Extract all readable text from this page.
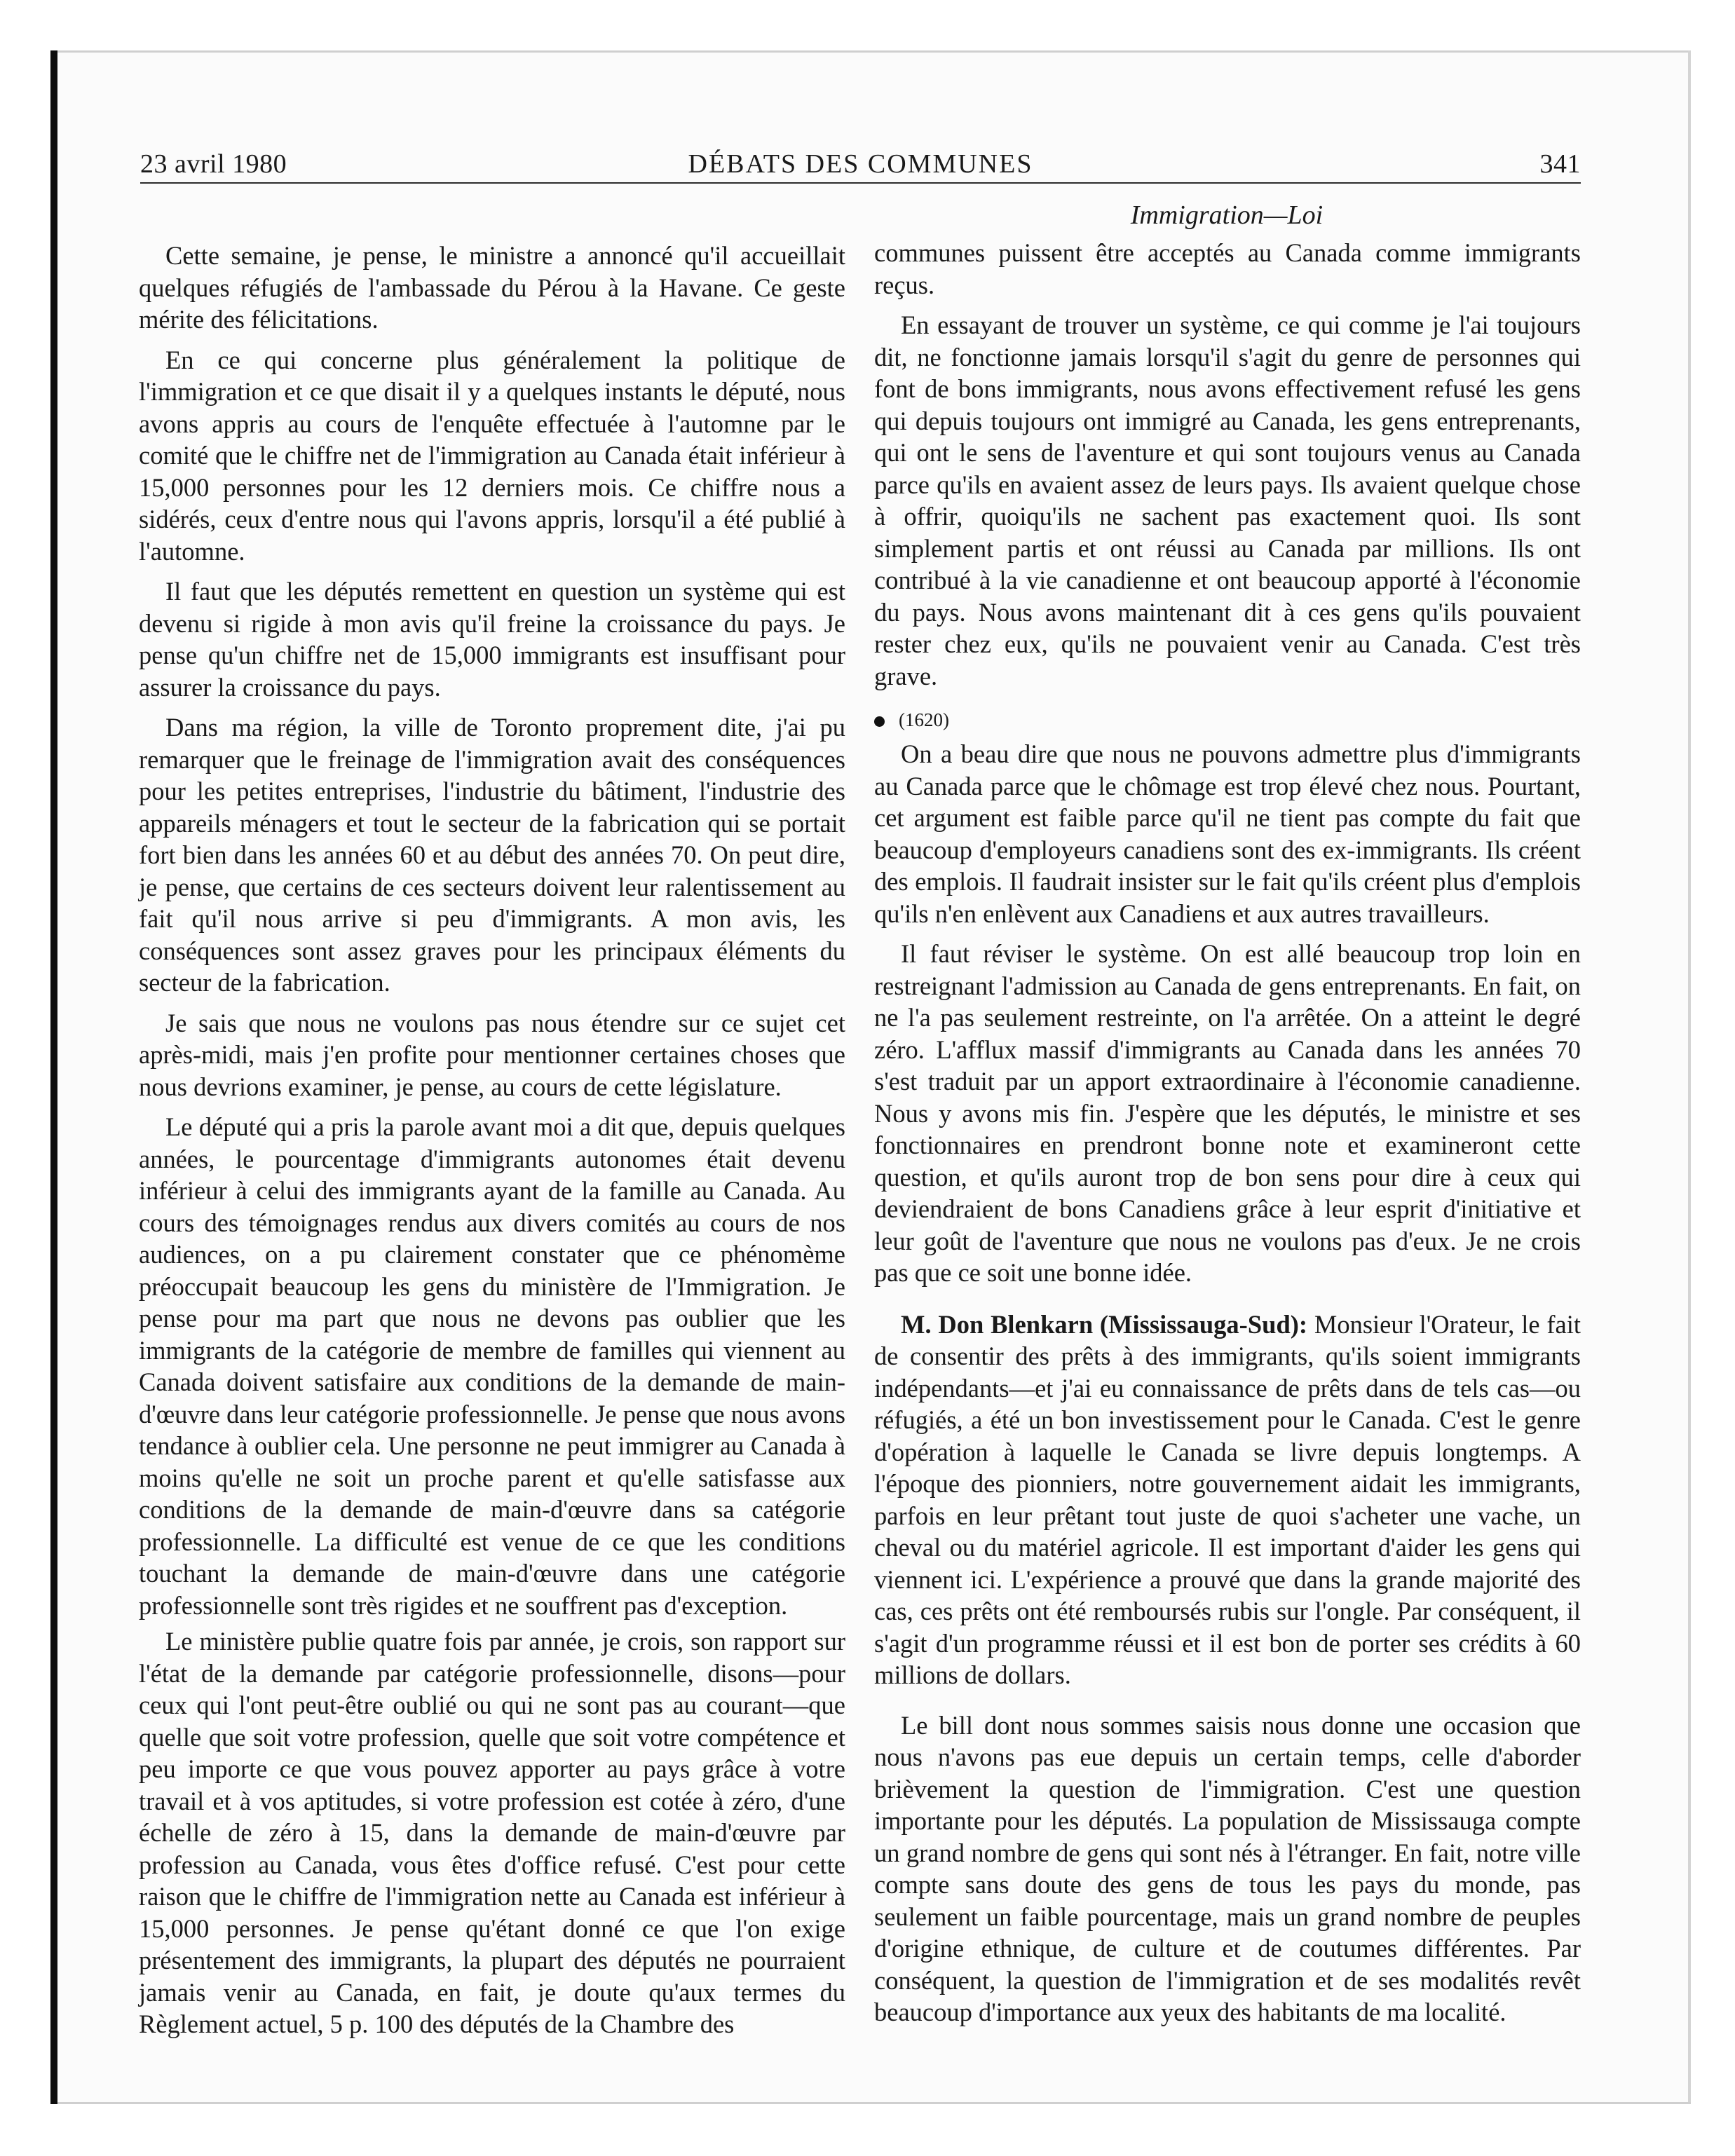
23 avril 1980	DÉBATS DES COMMUNES	341
Immigration—Loi

Cette semaine, je pense, le ministre a annoncé qu'il accueillait quelques réfugiés de l'ambassade du Pérou à la Havane. Ce geste mérite des félicitations.

En ce qui concerne plus généralement la politique de l'immigration et ce que disait il y a quelques instants le député, nous avons appris au cours de l'enquête effectuée à l'automne par le comité que le chiffre net de l'immigration au Canada était inférieur à 15,000 personnes pour les 12 derniers mois. Ce chiffre nous a sidérés, ceux d'entre nous qui l'avons appris, lorsqu'il a été publié à l'automne.

Il faut que les députés remettent en question un système qui est devenu si rigide à mon avis qu'il freine la croissance du pays. Je pense qu'un chiffre net de 15,000 immigrants est insuffisant pour assurer la croissance du pays.

Dans ma région, la ville de Toronto proprement dite, j'ai pu remarquer que le freinage de l'immigration avait des conséquences pour les petites entreprises, l'industrie du bâtiment, l'industrie des appareils ménagers et tout le secteur de la fabrication qui se portait fort bien dans les années 60 et au début des années 70. On peut dire, je pense, que certains de ces secteurs doivent leur ralentissement au fait qu'il nous arrive si peu d'immigrants. A mon avis, les conséquences sont assez graves pour les principaux éléments du secteur de la fabrication.

Je sais que nous ne voulons pas nous étendre sur ce sujet cet après-midi, mais j'en profite pour mentionner certaines choses que nous devrions examiner, je pense, au cours de cette législature.

Le député qui a pris la parole avant moi a dit que, depuis quelques années, le pourcentage d'immigrants autonomes était devenu inférieur à celui des immigrants ayant de la famille au Canada. Au cours des témoignages rendus aux divers comités au cours de nos audiences, on a pu clairement constater que ce phénomème préoccupait beaucoup les gens du ministère de l'Immigration. Je pense pour ma part que nous ne devons pas oublier que les immigrants de la catégorie de membre de familles qui viennent au Canada doivent satisfaire aux conditions de la demande de main-d'œuvre dans leur catégorie professionnelle. Je pense que nous avons tendance à oublier cela. Une personne ne peut immigrer au Canada à moins qu'elle ne soit un proche parent et qu'elle satisfasse aux conditions de la demande de main-d'œuvre dans sa catégorie professionnelle. La difficulté est venue de ce que les conditions touchant la demande de main-d'œuvre dans une catégorie professionnelle sont très rigides et ne souffrent pas d'exception.

Le ministère publie quatre fois par année, je crois, son rapport sur l'état de la demande par catégorie professionnelle, disons—pour ceux qui l'ont peut-être oublié ou qui ne sont pas au courant—que quelle que soit votre profession, quelle que soit votre compétence et peu importe ce que vous pouvez apporter au pays grâce à votre travail et à vos aptitudes, si votre profession est cotée à zéro, d'une échelle de zéro à 15, dans la demande de main-d'œuvre par profession au Canada, vous êtes d'office refusé. C'est pour cette raison que le chiffre de l'immigration nette au Canada est inférieur à 15,000 personnes. Je pense qu'étant donné ce que l'on exige présentement des immigrants, la plupart des députés ne pourraient jamais venir au Canada, en fait, je doute qu'aux termes du Règlement actuel, 5 p. 100 des députés de la Chambre des

communes puissent être acceptés au Canada comme immigrants reçus.

En essayant de trouver un système, ce qui comme je l'ai toujours dit, ne fonctionne jamais lorsqu'il s'agit du genre de personnes qui font de bons immigrants, nous avons effectivement refusé les gens qui depuis toujours ont immigré au Canada, les gens entreprenants, qui ont le sens de l'aventure et qui sont toujours venus au Canada parce qu'ils en avaient assez de leurs pays. Ils avaient quelque chose à offrir, quoiqu'ils ne sachent pas exactement quoi. Ils sont simplement partis et ont réussi au Canada par millions. Ils ont contribué à la vie canadienne et ont beaucoup apporté à l'économie du pays. Nous avons maintenant dit à ces gens qu'ils pouvaient rester chez eux, qu'ils ne pouvaient venir au Canada. C'est très grave.

(1620)

On a beau dire que nous ne pouvons admettre plus d'immigrants au Canada parce que le chômage est trop élevé chez nous. Pourtant, cet argument est faible parce qu'il ne tient pas compte du fait que beaucoup d'employeurs canadiens sont des ex-immigrants. Ils créent des emplois. Il faudrait insister sur le fait qu'ils créent plus d'emplois qu'ils n'en enlèvent aux Canadiens et aux autres travailleurs.

Il faut réviser le système. On est allé beaucoup trop loin en restreignant l'admission au Canada de gens entreprenants. En fait, on ne l'a pas seulement restreinte, on l'a arrêtée. On a atteint le degré zéro. L'afflux massif d'immigrants au Canada dans les années 70 s'est traduit par un apport extraordinaire à l'économie canadienne. Nous y avons mis fin. J'espère que les députés, le ministre et ses fonctionnaires en prendront bonne note et examineront cette question, et qu'ils auront trop de bon sens pour dire à ceux qui deviendraient de bons Canadiens grâce à leur esprit d'initiative et leur goût de l'aventure que nous ne voulons pas d'eux. Je ne crois pas que ce soit une bonne idée.

M. Don Blenkarn (Mississauga-Sud): Monsieur l'Orateur, le fait de consentir des prêts à des immigrants, qu'ils soient immigrants indépendants—et j'ai eu connaissance de prêts dans de tels cas—ou réfugiés, a été un bon investissement pour le Canada. C'est le genre d'opération à laquelle le Canada se livre depuis longtemps. A l'époque des pionniers, notre gouvernement aidait les immigrants, parfois en leur prêtant tout juste de quoi s'acheter une vache, un cheval ou du matériel agricole. Il est important d'aider les gens qui viennent ici. L'expérience a prouvé que dans la grande majorité des cas, ces prêts ont été remboursés rubis sur l'ongle. Par conséquent, il s'agit d'un programme réussi et il est bon de porter ses crédits à 60 millions de dollars.

Le bill dont nous sommes saisis nous donne une occasion que nous n'avons pas eue depuis un certain temps, celle d'aborder brièvement la question de l'immigration. C'est une question importante pour les députés. La population de Mississauga compte un grand nombre de gens qui sont nés à l'étranger. En fait, notre ville compte sans doute des gens de tous les pays du monde, pas seulement un faible pourcentage, mais un grand nombre de peuples d'origine ethnique, de culture et de coutumes différentes. Par conséquent, la question de l'immigration et de ses modalités revêt beaucoup d'importance aux yeux des habitants de ma localité.
